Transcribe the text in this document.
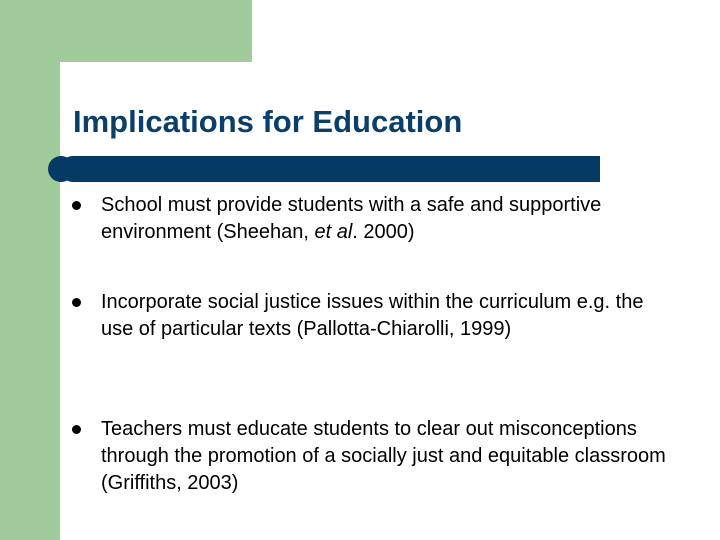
Implications for Education
School must provide students with a safe and supportive environment (Sheehan, et al. 2000)
Incorporate social justice issues within the curriculum e.g. the use of particular texts (Pallotta-Chiarolli, 1999)
Teachers must educate students to clear out misconceptions through the promotion of a socially just and equitable classroom (Griffiths, 2003)
